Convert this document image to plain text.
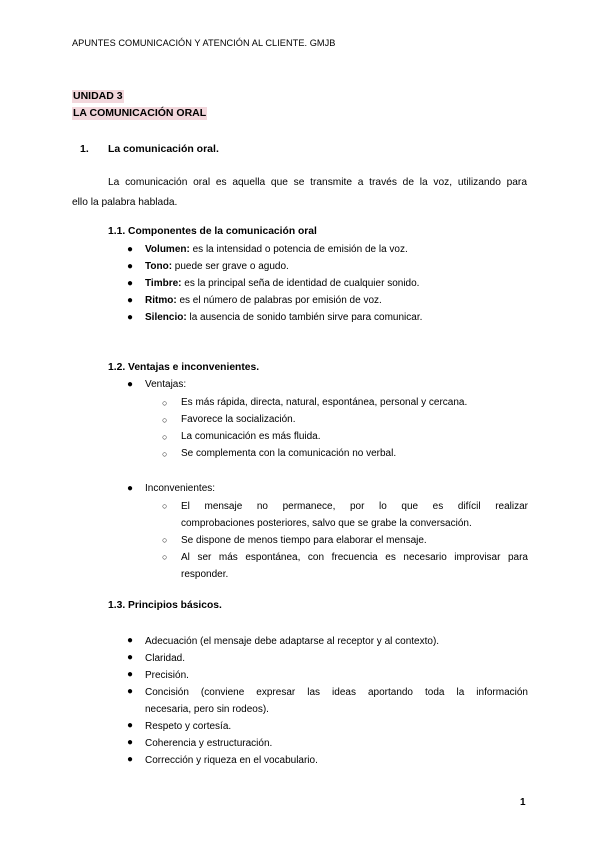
APUNTES COMUNICACIÓN Y ATENCIÓN AL CLIENTE. GMJB
UNIDAD 3
LA COMUNICACIÓN ORAL
1. La comunicación oral.
La comunicación oral es aquella que se transmite a través de la voz, utilizando para
ello la palabra hablada.
1.1. Componentes de la comunicación oral
● Volumen: es la intensidad o potencia de emisión de la voz.
● Tono: puede ser grave o agudo.
● Timbre: es la principal seña de identidad de cualquier sonido.
● Ritmo: es el número de palabras por emisión de voz.
● Silencio: la ausencia de sonido también sirve para comunicar.
1.2. Ventajas e inconvenientes.
● Ventajas:
○ Es más rápida, directa, natural, espontánea, personal y cercana.
○ Favorece la socialización.
○ La comunicación es más fluida.
○ Se complementa con la comunicación no verbal.
● Inconvenientes:
○ El mensaje no permanece, por lo que es difícil realizar
comprobaciones posteriores, salvo que se grabe la conversación.
○ Se dispone de menos tiempo para elaborar el mensaje.
○ Al ser más espontánea, con frecuencia es necesario improvisar para
responder.
1.3. Principios básicos.
● Adecuación (el mensaje debe adaptarse al receptor y al contexto).
● Claridad.
● Precisión.
● Concisión (conviene expresar las ideas aportando toda la información
necesaria, pero sin rodeos).
● Respeto y cortesía.
● Coherencia y estructuración.
● Corrección y riqueza en el vocabulario.
1
